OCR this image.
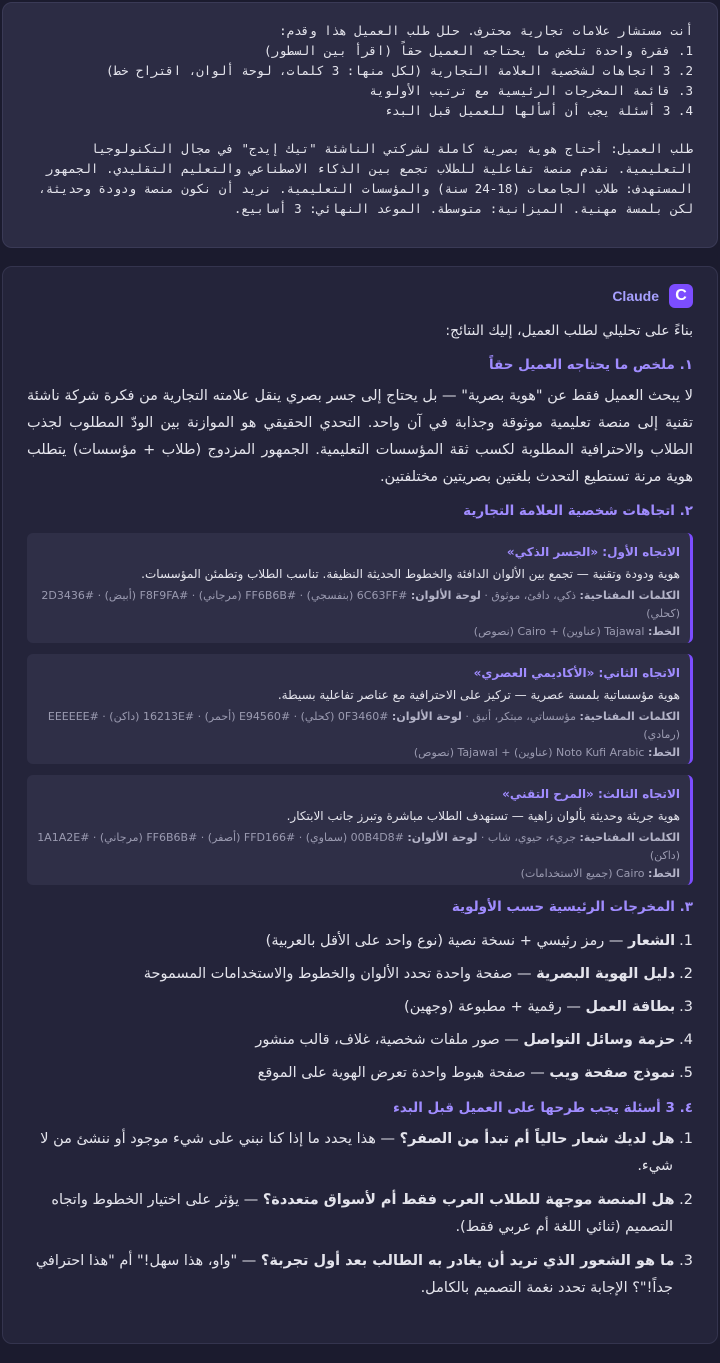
أنت مستشار علامات تجارية محترف. حلل طلب العميل هذا وقدم:
1. فقرة واحدة تلخص ما يحتاجه العميل حقاً (اقرأ بين السطور)
2. 3 اتجاهات لشخصية العلامة التجارية (لكل منها: 3 كلمات، لوحة ألوان، اقتراح خط)
3. قائمة المخرجات الرئيسية مع ترتيب الأولوية
4. 3 أسئلة يجب أن أسألها للعميل قبل البدء
طلب العميل: أحتاج هوية بصرية كاملة لشركتي الناشئة "تيك إيدج" في مجال التكنولوجيا التعليمية. نقدم منصة تفاعلية للطلاب تجمع بين الذكاء الاصطناعي والتعليم التقليدي. الجمهور المستهدف: طلاب الجامعات (18-24 سنة) والمؤسسات التعليمية. نريد أن نكون منصة ودودة وحديثة، لكن بلمسة مهنية. الميزانية: متوسطة. الموعد النهائي: 3 أسابيع.
C
Claude
بناءً على تحليلي لطلب العميل، إليك النتائج:
١. ملخص ما يحتاجه العميل حقاً
لا يبحث العميل فقط عن "هوية بصرية" — بل يحتاج إلى جسر بصري ينقل علامته التجارية من فكرة شركة ناشئة تقنية إلى منصة تعليمية موثوقة وجذابة في آن واحد. التحدي الحقيقي هو الموازنة بين الودّ المطلوب لجذب الطلاب والاحترافية المطلوبة لكسب ثقة المؤسسات التعليمية. الجمهور المزدوج (طلاب + مؤسسات) يتطلب هوية مرنة تستطيع التحدث بلغتين بصريتين مختلفتين.
٢. اتجاهات شخصية العلامة التجارية
الاتجاه الأول: «الجسر الذكي»
هوية ودودة وتقنية — تجمع بين الألوان الدافئة والخطوط الحديثة النظيفة. تناسب الطلاب وتطمئن المؤسسات.
الكلمات المفتاحية: ذكي، دافئ، موثوق · لوحة الألوان: #6C63FF (بنفسجي) · #FF6B6B (مرجاني) · #F8F9FA (أبيض) · #2D3436 (كحلي)
الخط: Tajawal (عناوين) + Cairo (نصوص)
الاتجاه الثاني: «الأكاديمي العصري»
هوية مؤسساتية بلمسة عصرية — تركيز على الاحترافية مع عناصر تفاعلية بسيطة.
الكلمات المفتاحية: مؤسساتي، مبتكر، أنيق · لوحة الألوان: #0F3460 (كحلي) · #E94560 (أحمر) · #16213E (داكن) · #EEEEEE (رمادي)
الخط: Noto Kufi Arabic (عناوين) + Tajawal (نصوص)
الاتجاه الثالث: «المرح التقني»
هوية جريئة وحديثة بألوان زاهية — تستهدف الطلاب مباشرة وتبرز جانب الابتكار.
الكلمات المفتاحية: جريء، حيوي، شاب · لوحة الألوان: #00B4D8 (سماوي) · #FFD166 (أصفر) · #FF6B6B (مرجاني) · #1A1A2E (داكن)
الخط: Cairo (جميع الاستخدامات)
٣. المخرجات الرئيسية حسب الأولوية
1.الشعار — رمز رئيسي + نسخة نصية (نوع واحد على الأقل بالعربية)
2.دليل الهوية البصرية — صفحة واحدة تحدد الألوان والخطوط والاستخدامات المسموحة
3.بطاقة العمل — رقمية + مطبوعة (وجهين)
4.حزمة وسائل التواصل — صور ملفات شخصية، غلاف، قالب منشور
5.نموذج صفحة ويب — صفحة هبوط واحدة تعرض الهوية على الموقع
٤. 3 أسئلة يجب طرحها على العميل قبل البدء
1. هل لديك شعار حالياً أم تبدأ من الصفر؟ — هذا يحدد ما إذا كنا نبني على شيء موجود أو ننشئ من لا شيء.
2. هل المنصة موجهة للطلاب العرب فقط أم لأسواق متعددة؟ — يؤثر على اختيار الخطوط واتجاه التصميم (ثنائي اللغة أم عربي فقط).
3. ما هو الشعور الذي تريد أن يغادر به الطالب بعد أول تجربة؟ — "واو، هذا سهل!" أم "هذا احترافي جداً!"؟ الإجابة تحدد نغمة التصميم بالكامل.
